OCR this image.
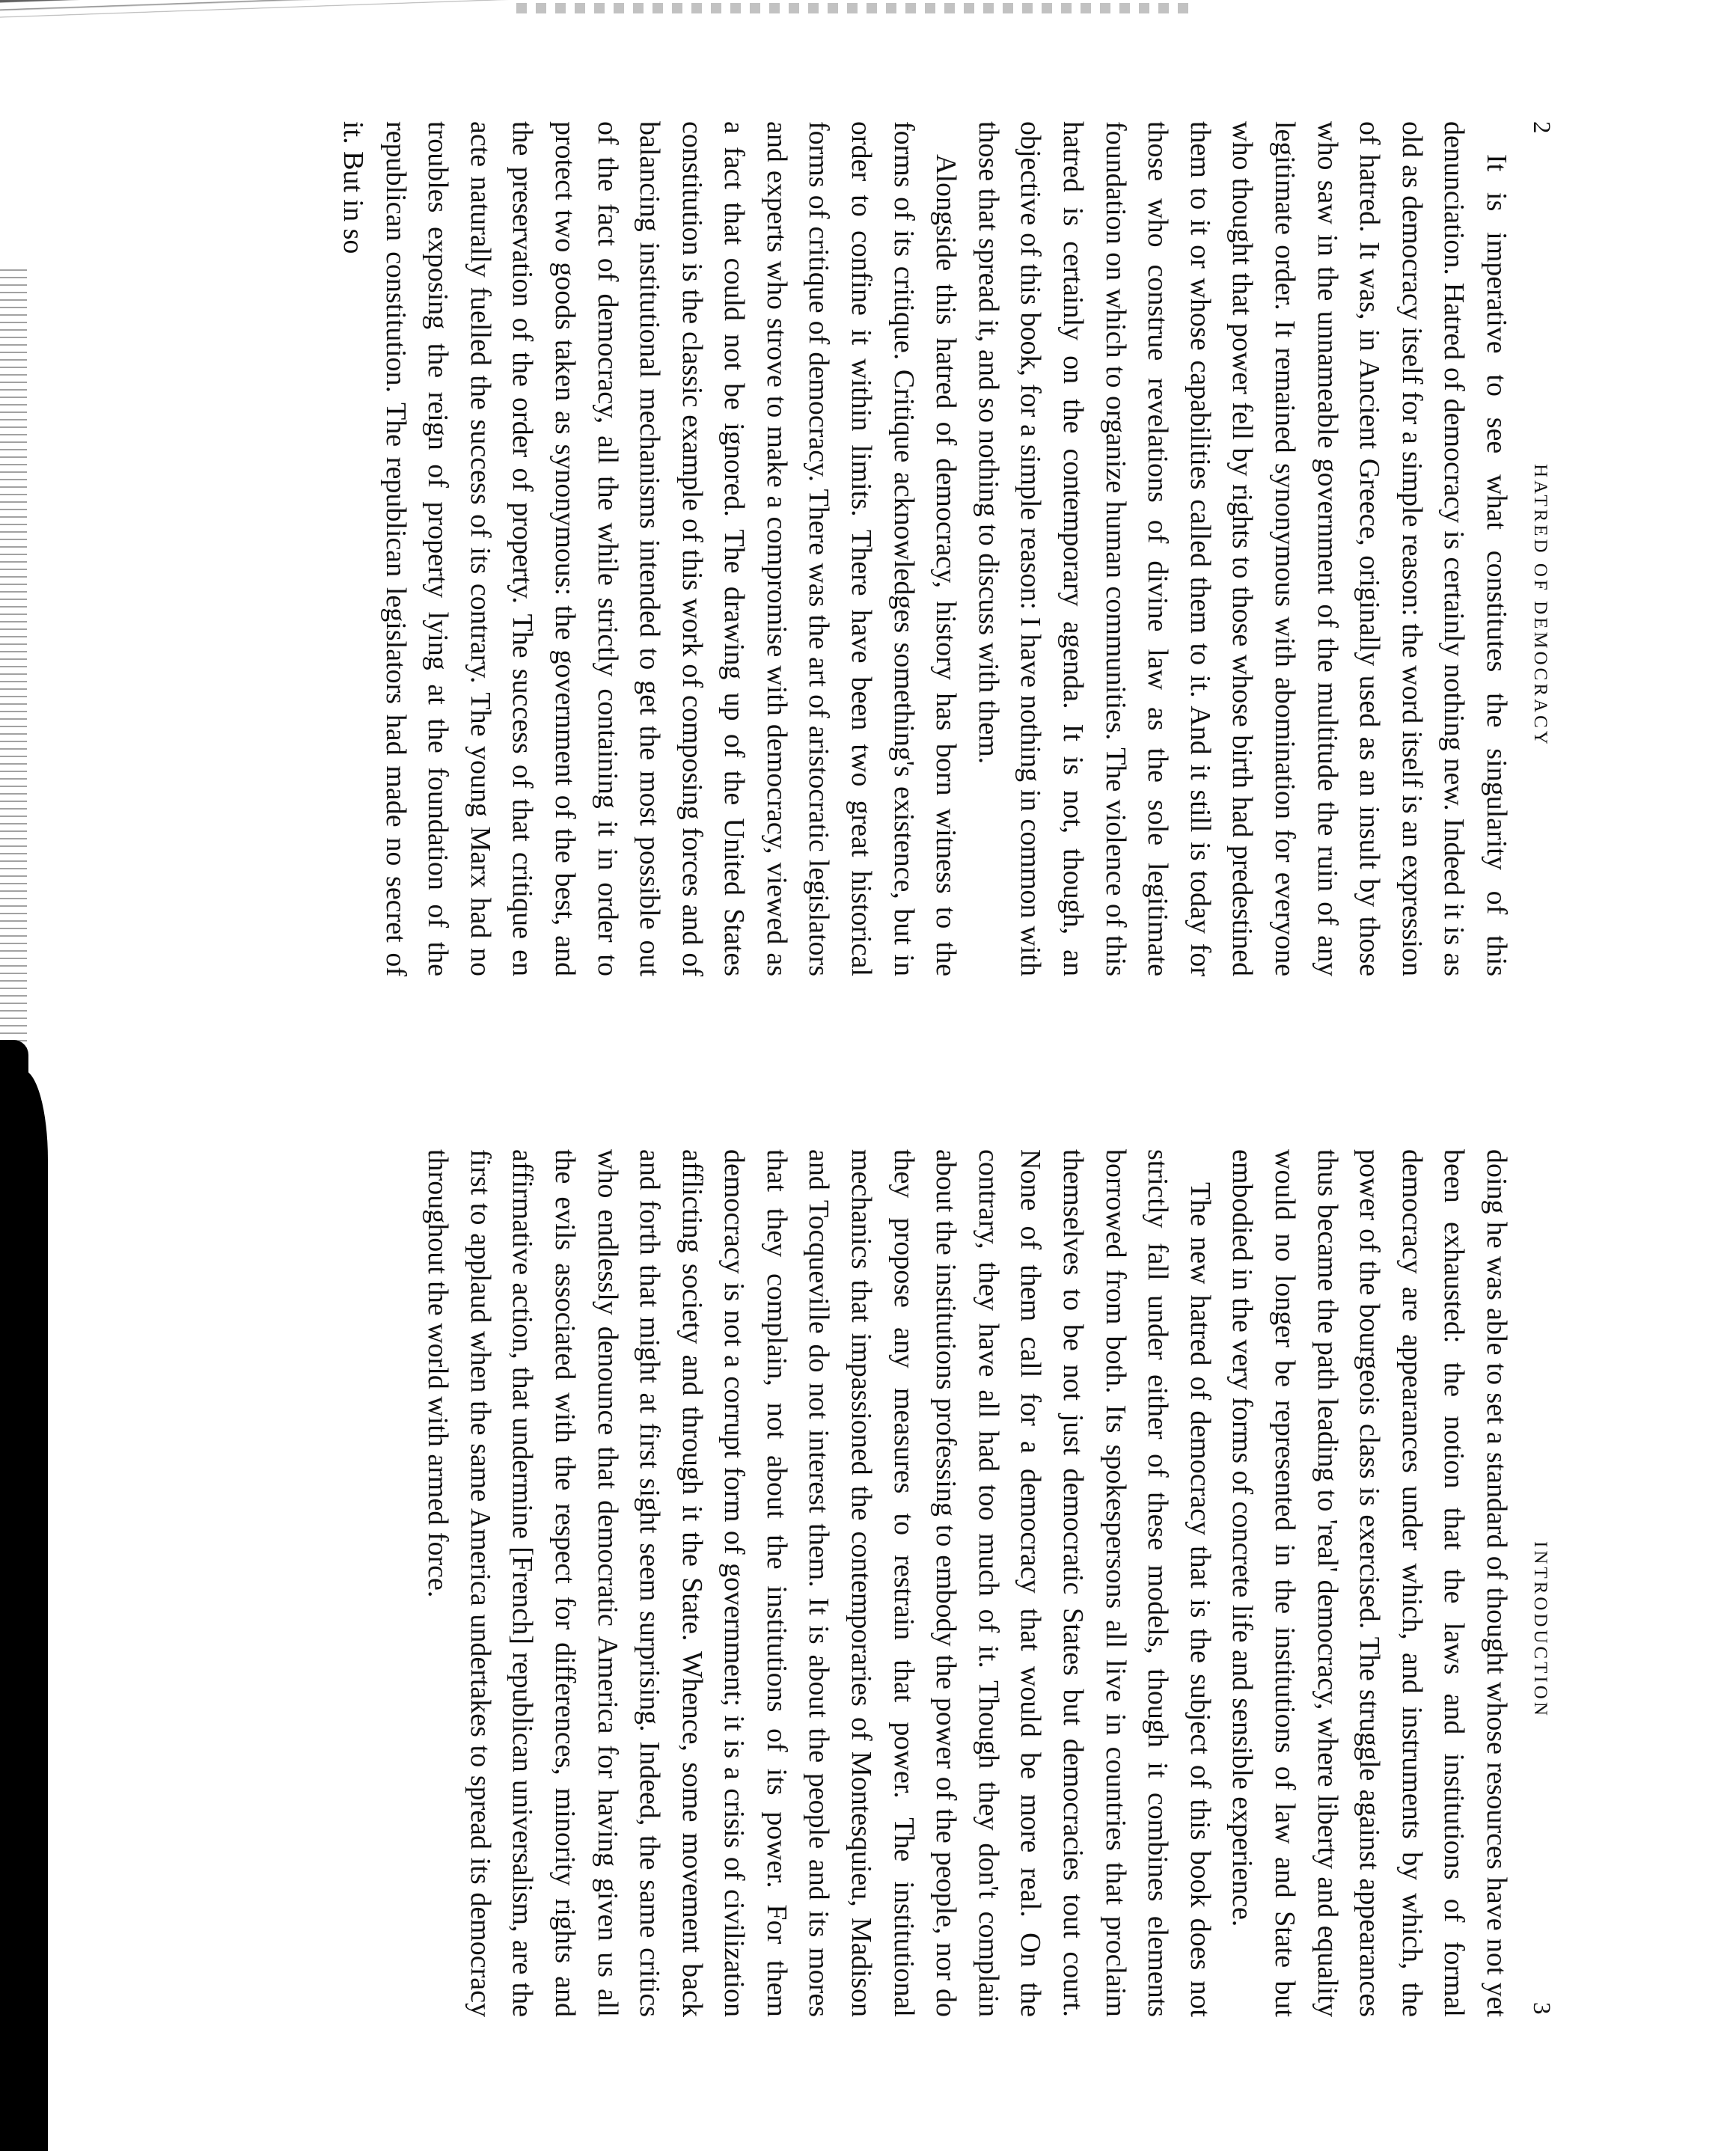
2
HATRED OF DEMOCRACY

It is imperative to see what constitutes the singularity of this denunciation. Hatred of democracy is certainly nothing new. Indeed it is as old as democracy itself for a simple reason: the word itself is an expression of hatred. It was, in Ancient Greece, originally used as an insult by those who saw in the unnameable government of the multitude the ruin of any legitimate order. It remained synonymous with abomination for everyone who thought that power fell by rights to those whose birth had predestined them to it or whose capabilities called them to it. And it still is today for those who construe revelations of divine law as the sole legitimate foundation on which to organize human communities. The violence of this hatred is certainly on the contemporary agenda. It is not, though, an objective of this book, for a simple reason: I have nothing in common with those that spread it, and so nothing to discuss with them.

Alongside this hatred of democracy, history has born witness to the forms of its critique. Critique acknowledges something's existence, but in order to confine it within limits. There have been two great historical forms of critique of democracy. There was the art of aristocratic legislators and experts who strove to make a compromise with democracy, viewed as a fact that could not be ignored. The drawing up of the United States constitution is the classic example of this work of composing forces and of balancing institutional mechanisms intended to get the most possible out of the fact of democracy, all the while strictly containing it in order to protect two goods taken as synonymous: the government of the best, and the preservation of the order of property. The success of that critique en acte naturally fuelled the success of its contrary. The young Marx had no troubles exposing the reign of property lying at the foundation of the republican constitution. The republican legislators had made no secret of it. But in so

INTRODUCTION
3

doing he was able to set a standard of thought whose resources have not yet been exhausted: the notion that the laws and institutions of formal democracy are appearances under which, and instruments by which, the power of the bourgeois class is exercised. The struggle against appearances thus became the path leading to 'real' democracy, where liberty and equality would no longer be represented in the institutions of law and State but embodied in the very forms of concrete life and sensible experience.

The new hatred of democracy that is the subject of this book does not strictly fall under either of these models, though it combines elements borrowed from both. Its spokespersons all live in countries that proclaim themselves to be not just democratic States but democracies tout court. None of them call for a democracy that would be more real. On the contrary, they have all had too much of it. Though they don't complain about the institutions professing to embody the power of the people, nor do they propose any measures to restrain that power. The institutional mechanics that impassioned the contemporaries of Montesquieu, Madison and Tocqueville do not interest them. It is about the people and its mores that they complain, not about the institutions of its power. For them democracy is not a corrupt form of government; it is a crisis of civilization afflicting society and through it the State. Whence, some movement back and forth that might at first sight seem surprising. Indeed, the same critics who endlessly denounce that democratic America for having given us all the evils associated with the respect for differences, minority rights and affirmative action, that undermine [French] republican universalism, are the first to applaud when the same America undertakes to spread its democracy throughout the world with armed force.
